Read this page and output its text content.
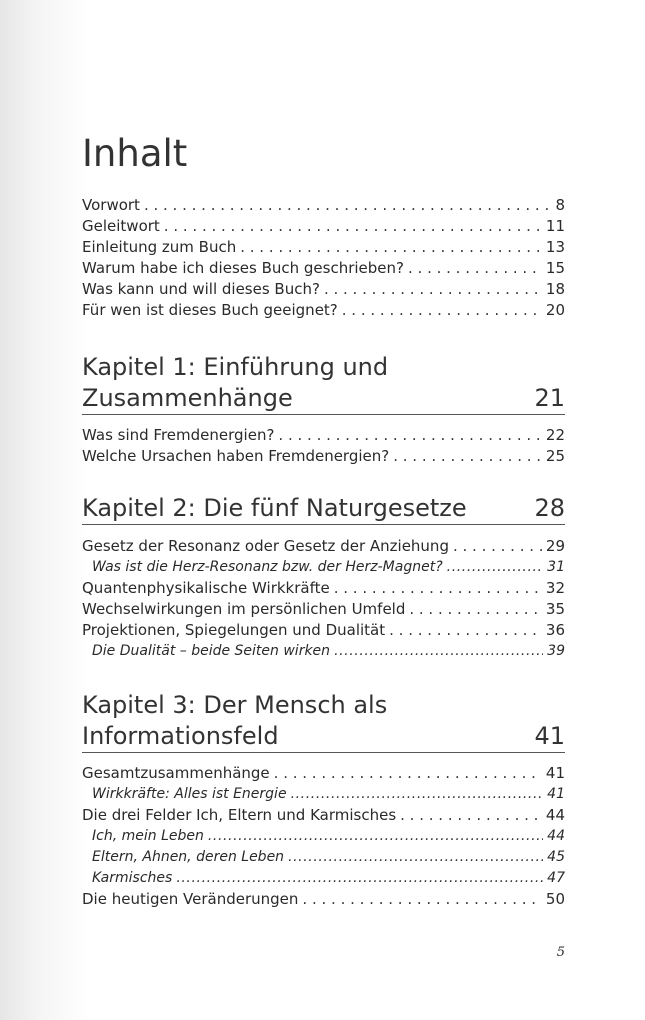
Inhalt
Vorwort . . .	8
Geleitwort . . .	11
Einleitung zum Buch . . .	13
Warum habe ich dieses Buch geschrieben? . . .	15
Was kann und will dieses Buch? . . .	18
Für wen ist dieses Buch geeignet? . . .	20
Kapitel 1: Einführung und
Zusammenhänge	21
Was sind Fremdenergien? . . .	22
Welche Ursachen haben Fremdenergien? . . .	25
Kapitel 2: Die fünf Naturgesetze	28
Gesetz der Resonanz oder Gesetz der Anziehung . . .	29
Was ist die Herz-Resonanz bzw. der Herz-Magnet? .....	31
Quantenphysikalische Wirkkräfte . . .	32
Wechselwirkungen im persönlichen Umfeld . . .	35
Projektionen, Spiegelungen und Dualität . . .	36
Die Dualität – beide Seiten wirken .....	39
Kapitel 3: Der Mensch als
Informationsfeld	41
Gesamtzusammenhänge . . .	41
Wirkkräfte: Alles ist Energie .....	41
Die drei Felder Ich, Eltern und Karmisches . . .	44
Ich, mein Leben .....	44
Eltern, Ahnen, deren Leben .....	45
Karmisches .....	47
Die heutigen Veränderungen . . .	50
5
